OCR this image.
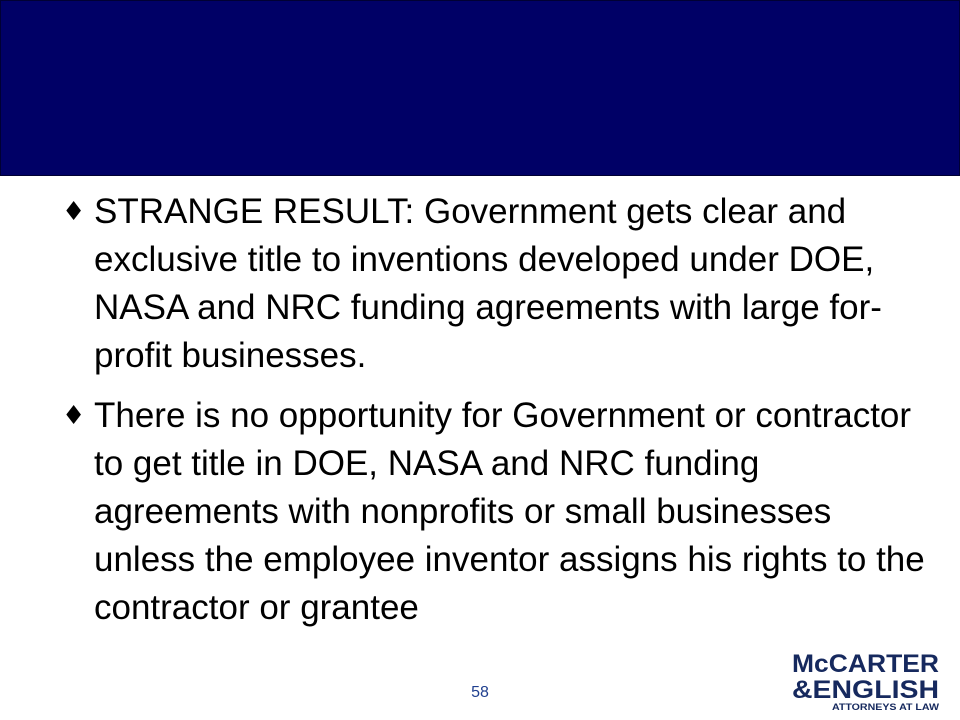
♦ STRANGE RESULT: Government gets clear and exclusive title to inventions developed under DOE, NASA and NRC funding agreements with large for-profit businesses.
♦ There is no opportunity for Government or contractor to get title in DOE, NASA and NRC funding agreements with nonprofits or small businesses unless the employee inventor assigns his rights to the contractor or grantee
58
McCARTER
&ENGLISH
ATTORNEYS AT LAW
